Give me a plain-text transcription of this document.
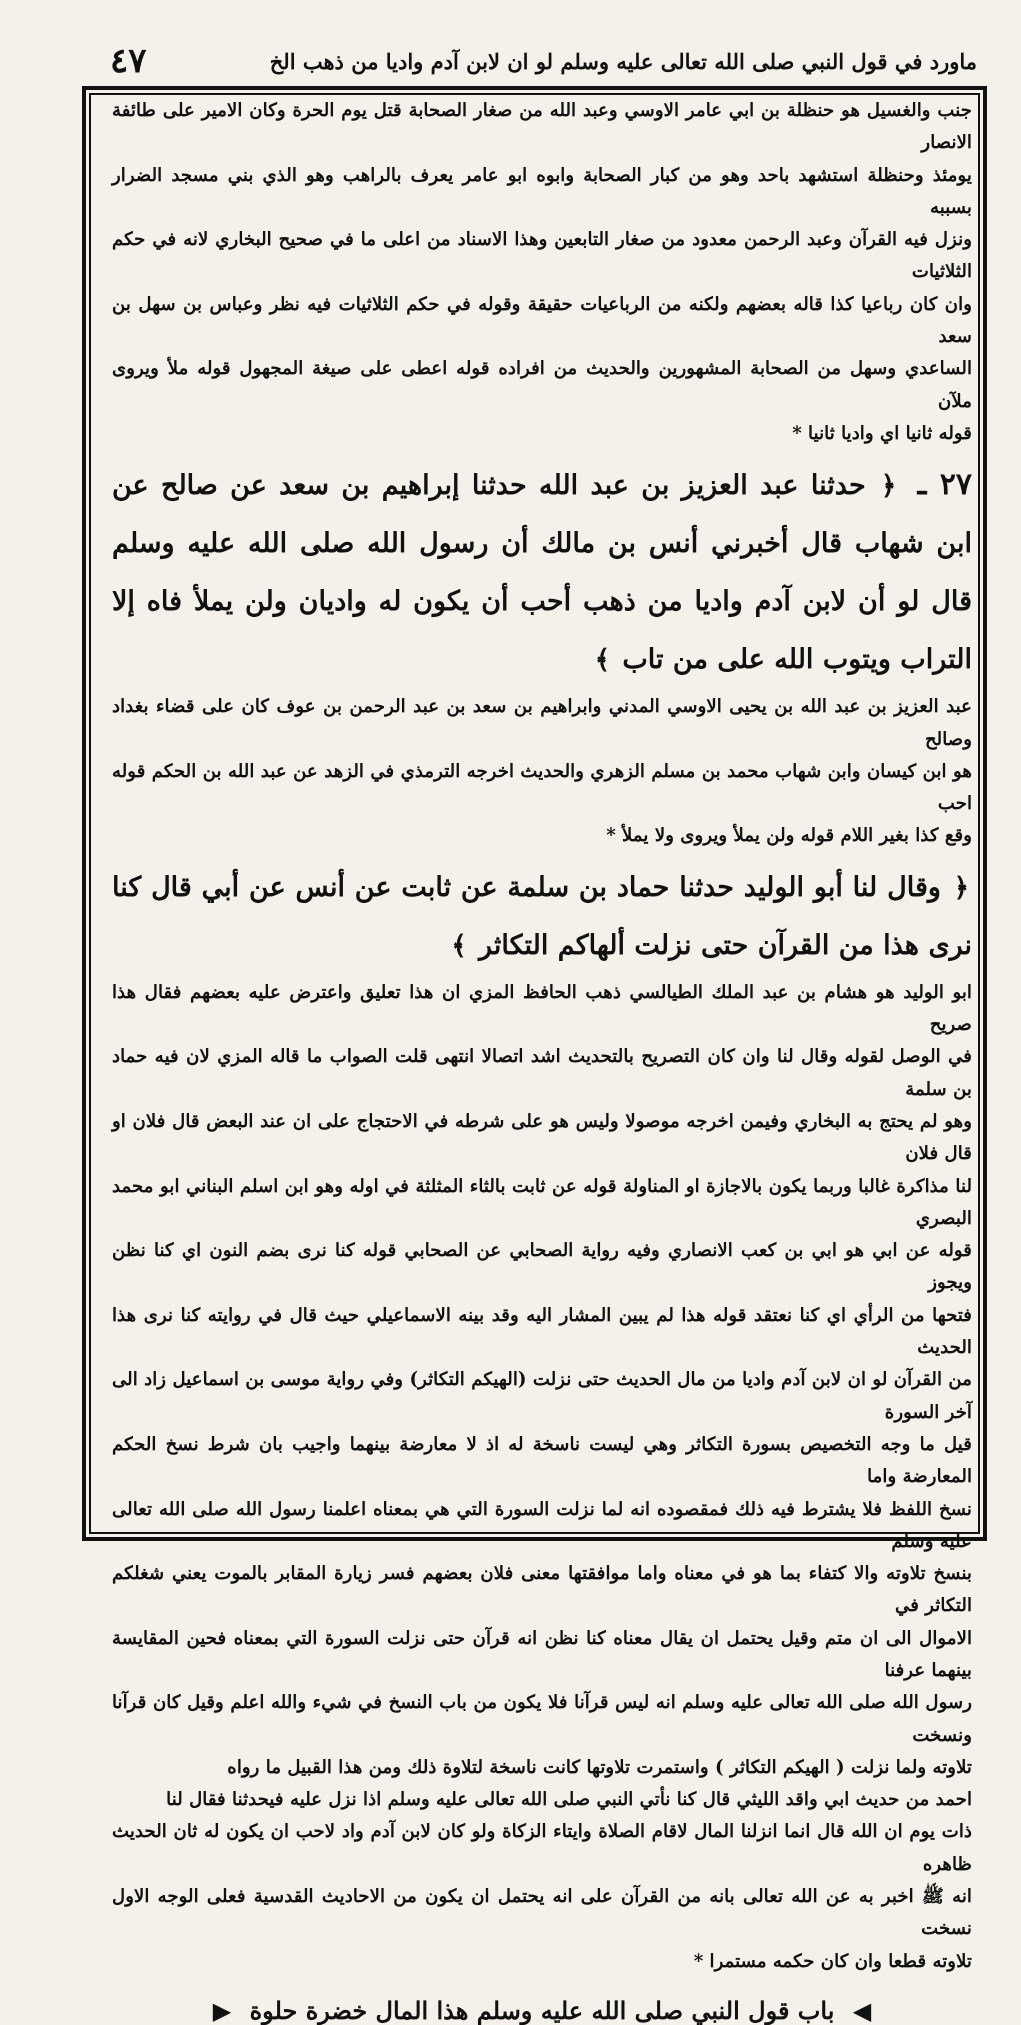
٤٧	ماورد في قول النبي صلى الله تعالى عليه وسلم لو ان لابن آدم واديا من ذهب الخ

جنب والغسيل هو حنظلة بن ابي عامر الاوسي وعبد الله من صغار الصحابة قتل يوم الحرة وكان الامير على طائفة الانصار

يومئذ وحنظلة استشهد باحد وهو من كبار الصحابة وابوه ابو عامر يعرف بالراهب وهو الذي بني مسجد الضرار بسببه

ونزل فيه القرآن وعبد الرحمن معدود من صغار التابعين وهذا الاسناد من اعلى ما في صحيح البخاري لانه في حكم الثلاثيات

وان كان رباعيا كذا قاله بعضهم ولكنه من الرباعيات حقيقة وقوله في حكم الثلاثيات فيه نظر وعباس بن سهل بن سعد

الساعدي وسهل من الصحابة المشهورين والحديث من افراده قوله اعطى على صيغة المجهول قوله ملأ ويروى ملآن

قوله ثانيا اي واديا ثانيا *

٢٧ ـ ﴿ حدثنا عبد العزيز بن عبد الله حدثنا إبراهيم بن سعد عن صالح عن ابن شهاب قال أخبرني أنس بن مالك أن رسول الله صلى الله عليه وسلم قال لو أن لابن آدم واديا من ذهب أحب أن يكون له واديان ولن يملأ فاه إلا التراب ويتوب الله على من تاب ﴾

عبد العزيز بن عبد الله بن يحيى الاوسي المدني وابراهيم بن سعد بن عبد الرحمن بن عوف كان على قضاء بغداد وصالح

هو ابن كيسان وابن شهاب محمد بن مسلم الزهري والحديث اخرجه الترمذي في الزهد عن عبد الله بن الحكم قوله احب

وقع كذا بغير اللام قوله ولن يملأ ويروى ولا يملأ *

﴿ وقال لنا أبو الوليد حدثنا حماد بن سلمة عن ثابت عن أنس عن أبي قال كنا نرى هذا من القرآن حتى نزلت ألهاكم التكاثر ﴾

ابو الوليد هو هشام بن عبد الملك الطيالسي ذهب الحافظ المزي ان هذا تعليق واعترض عليه بعضهم فقال هذا صريح

في الوصل لقوله وقال لنا وان كان التصريح بالتحديث اشد اتصالا انتهى قلت الصواب ما قاله المزي لان فيه حماد بن سلمة

وهو لم يحتج به البخاري وفيمن اخرجه موصولا وليس هو على شرطه في الاحتجاج على ان عند البعض قال فلان او قال فلان

لنا مذاكرة غالبا وربما يكون بالاجازة او المناولة قوله عن ثابت بالثاء المثلثة في اوله وهو ابن اسلم البناني ابو محمد البصري

قوله عن ابي هو ابي بن كعب الانصاري وفيه رواية الصحابي عن الصحابي قوله كنا نرى بضم النون اي كنا نظن ويجوز

فتحها من الرأي اي كنا نعتقد قوله هذا لم يبين المشار اليه وقد بينه الاسماعيلي حيث قال في روايته كنا نرى هذا الحديث

من القرآن لو ان لابن آدم واديا من مال الحديث حتى نزلت (الهيكم التكاثر) وفي رواية موسى بن اسماعيل زاد الى آخر السورة

قيل ما وجه التخصيص بسورة التكاثر وهي ليست ناسخة له اذ لا معارضة بينهما واجيب بان شرط نسخ الحكم المعارضة واما

نسخ اللفظ فلا يشترط فيه ذلك فمقصوده انه لما نزلت السورة التي هي بمعناه اعلمنا رسول الله صلى الله تعالى عليه وسلم

بنسخ تلاوته والا كتفاء بما هو في معناه واما موافقتها معنى فلان بعضهم فسر زيارة المقابر بالموت يعني شغلكم التكاثر في

الاموال الى ان متم وقيل يحتمل ان يقال معناه كنا نظن انه قرآن حتى نزلت السورة التي بمعناه فحين المقايسة بينهما عرفنا

رسول الله صلى الله تعالى عليه وسلم انه ليس قرآنا فلا يكون من باب النسخ في شيء والله اعلم وقيل كان قرآنا ونسخت

تلاوته ولما نزلت ( الهيكم التكاثر ) واستمرت تلاوتها كانت ناسخة لتلاوة ذلك ومن هذا القبيل ما رواه

احمد من حديث ابي واقد الليثي قال كنا نأتي النبي صلى الله تعالى عليه وسلم اذا نزل عليه فيحدثنا فقال لنا

ذات يوم ان الله قال انما انزلنا المال لاقام الصلاة وايتاء الزكاة ولو كان لابن آدم واد لاحب ان يكون له ثان الحديث ظاهره

انه ﷺ اخبر به عن الله تعالى بانه من القرآن على انه يحتمل ان يكون من الاحاديث القدسية فعلى الوجه الاول نسخت

تلاوته قطعا وان كان حكمه مستمرا *

◀ باب قول النبي صلى الله عليه وسلم هذا المال خضرة حلوة ▶
